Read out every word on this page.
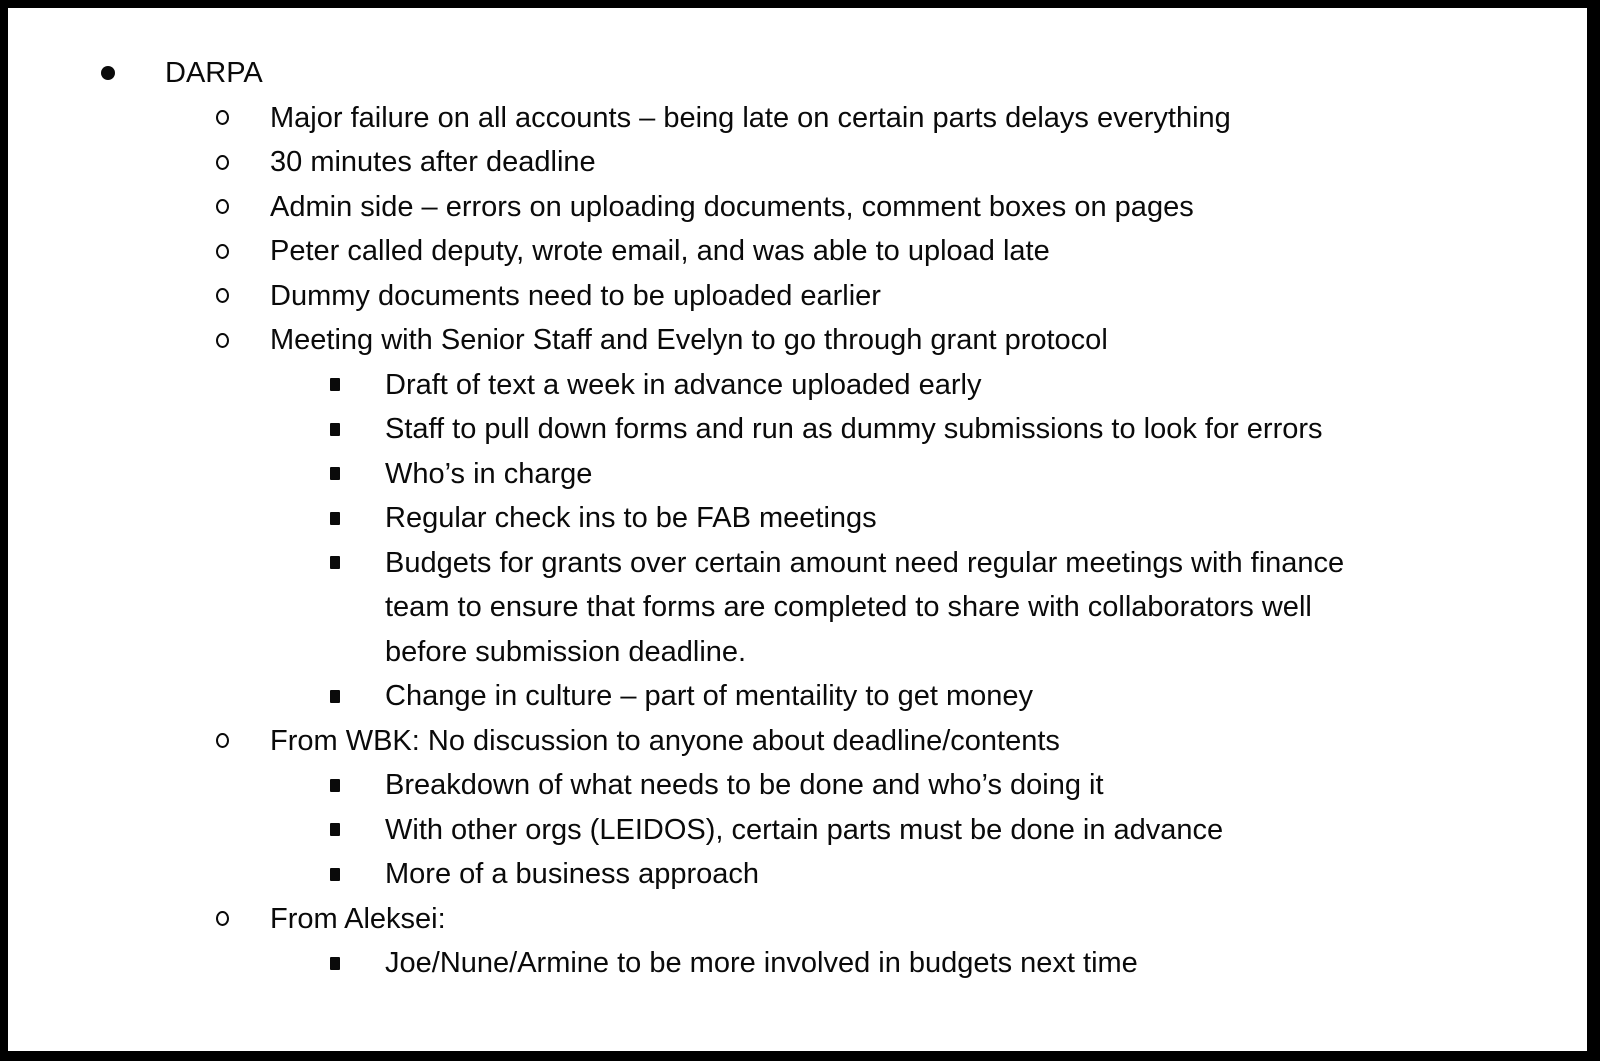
DARPA
Major failure on all accounts – being late on certain parts delays everything
30 minutes after deadline
Admin side – errors on uploading documents, comment boxes on pages
Peter called deputy, wrote email, and was able to upload late
Dummy documents need to be uploaded earlier
Meeting with Senior Staff and Evelyn to go through grant protocol
Draft of text a week in advance uploaded early
Staff to pull down forms and run as dummy submissions to look for errors
Who’s in charge
Regular check ins to be FAB meetings
Budgets for grants over certain amount need regular meetings with finance team to ensure that forms are completed to share with collaborators well before submission deadline.
Change in culture – part of mentaility to get money
From WBK: No discussion to anyone about deadline/contents
Breakdown of what needs to be done and who’s doing it
With other orgs (LEIDOS), certain parts must be done in advance
More of a business approach
From Aleksei:
Joe/Nune/Armine to be more involved in budgets next time
